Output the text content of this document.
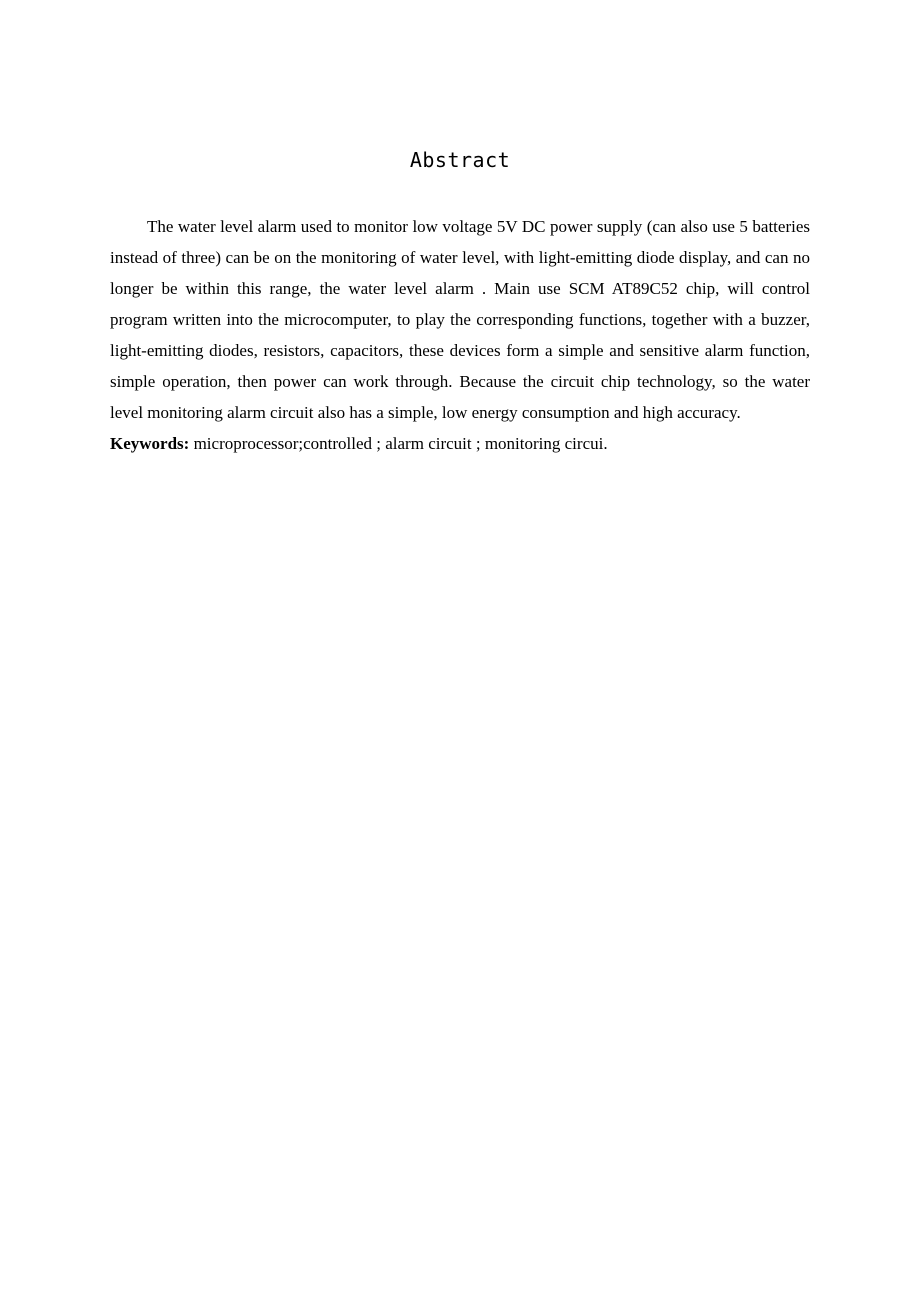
Abstract

The water level alarm used to monitor low voltage 5V DC power supply (can also use 5 batteries instead of three) can be on the monitoring of water level, with light-emitting diode display, and can no longer be within this range, the water level alarm . Main use SCM AT89C52 chip, will control program written into the microcomputer, to play the corresponding functions, together with a buzzer, light-emitting diodes, resistors, capacitors, these devices form a simple and sensitive alarm function, simple operation, then power can work through. Because the circuit chip technology, so the water level monitoring alarm circuit also has a simple, low energy consumption and high accuracy.

Keywords: microprocessor;controlled ; alarm circuit ; monitoring circui.
